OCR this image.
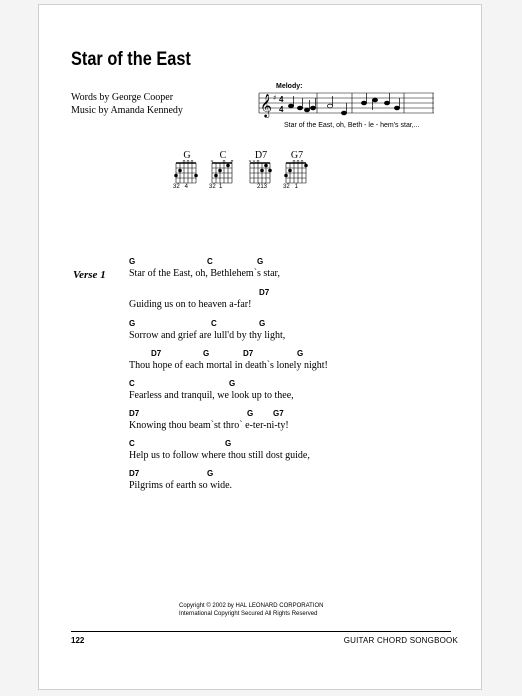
Star of the East
Words by George Cooper
Music by Amanda Kennedy
Melody:
𝄞 ♯ 4
4
Star of the East, oh, Beth - le - hem's star,...
G
32   4
C
32  1
D7
213
G7
32   1
Verse 1
G	C	G
Star of the East, oh, Bethlehem`s star,
D7
Guiding us on to heaven a-far!
G	C	G
Sorrow and grief are lull'd by thy light,
D7	G	D7	G
Thou hope of each mortal in death`s lonely night!
C	G
Fearless and tranquil, we look up to thee,
D7	G G7
Knowing thou beam`st thro` e-ter-ni-ty!
C	G
Help us to follow where thou still dost guide,
D7	G
Pilgrims of earth so wide.
Copyright © 2002 by HAL LEONARD CORPORATION
International Copyright Secured All Rights Reserved
122	GUITAR CHORD SONGBOOK
